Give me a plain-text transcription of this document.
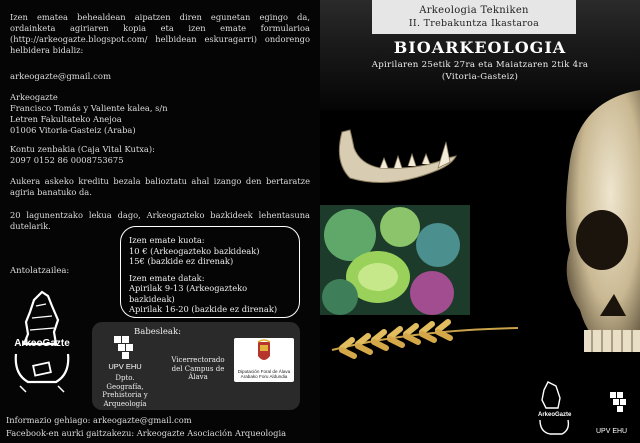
Izen ematea behealdean aipatzen diren egunetan egingo da, ordainketa agiriaren kopia eta izen emate formularioa (http://arkeogazte.blogspot.com/ helbidean eskuragarri) ondorengo helbidera bidaliz:

arkeogazte@gmail.com

Arkeogazte
Francisco Tomás y Valiente kalea, s/n
Letren Fakultateko Anejoa
01006 Vitoria-Gasteiz (Araba)
Kontu zenbakia (Caja Vital Kutxa):
2097 0152 86 0008753675

Aukera askeko kreditu bezala balioztatu ahal izango den bertaratze agiria banatuko da.

20 lagunentzako lekua dago, Arkeogazteko bazkideek lehentasuna dutelarik.

Izen emate kuota:
10 € (Arkeogazteko bazkideak)
15€ (bazkide ez direnak)
Izen emate datak:
Apirilak 9-13 (Arkeogazteko bazkideak)
Apirilak 16-20 (bazkide ez direnak)
Antolatzailea:
ArkeoGazte
Babesleak:
UPV EHU
Dpto. Geografía, Prehistoria y Arqueología
Vicerrectorado del Campus de Álava
Diputación Foral de Álava Arabako Foru Aldundia
Informazio gehiago: arkeogazte@gmail.com
Facebook-en aurki gaitzakezu: Arkeogazte Asociación Arqueologia
Arkeologia Tekniken
II. Trebakuntza Ikastaroa
BIOARKEOLOGIA
Apirilaren 25etik 27ra eta Maiatzaren 2tik 4ra
(Vitoria-Gasteiz)
ArkeoGazte
UPV EHU
